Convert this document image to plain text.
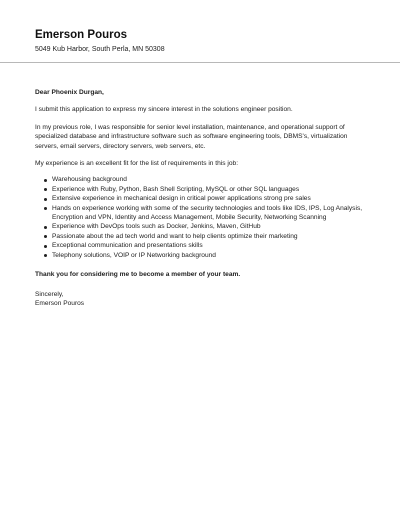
Emerson Pouros
5049 Kub Harbor, South Perla, MN 50308

Dear Phoenix Durgan,

I submit this application to express my sincere interest in the solutions engineer position.

In my previous role, I was responsible for senior level installation, maintenance, and operational support of specialized database and infrastructure software such as software engineering tools, DBMS's, virtualization servers, email servers, directory servers, web servers, etc.

My experience is an excellent fit for the list of requirements in this job:

Warehousing background
Experience with Ruby, Python, Bash Shell Scripting, MySQL or other SQL languages
Extensive experience in mechanical design in critical power applications strong pre sales
Hands on experience working with some of the security technologies and tools like IDS, IPS, Log Analysis, Encryption and VPN, Identity and Access Management, Mobile Security, Networking Scanning
Experience with DevOps tools such as Docker, Jenkins, Maven, GitHub
Passionate about the ad tech world and want to help clients optimize their marketing
Exceptional communication and presentations skills
Telephony solutions, VOIP or IP Networking background

Thank you for considering me to become a member of your team.

Sincerely,

Emerson Pouros
